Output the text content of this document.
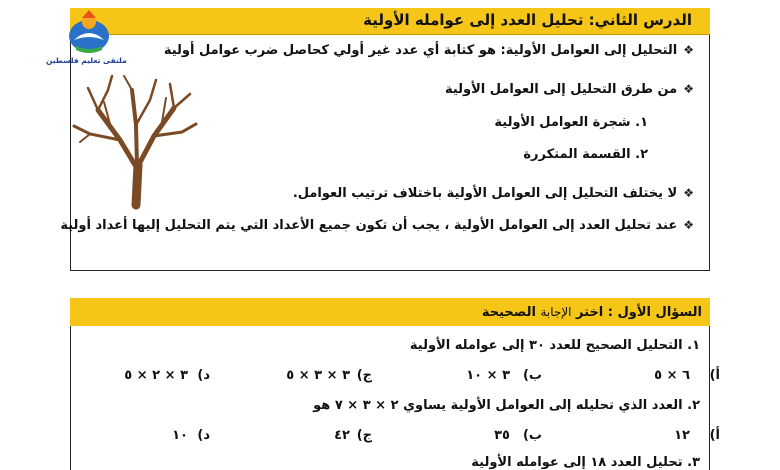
الدرس الثاني: تحليل العدد إلى عوامله الأولية
ملتقى تعليم فلسطين
❖التحليل إلى العوامل الأولية: هو كتابة أي عدد غير أولي كحاصل ضرب عوامل أولية
❖من طرق التحليل إلى العوامل الأولية
١. شجرة العوامل الأولية
٢. القسمة المتكررة
❖لا يختلف التحليل إلى العوامل الأولية باختلاف ترتيب العوامل.
❖عند تحليل العدد إلى العوامل الأولية ، يجب أن تكون جميع الأعداد التي يتم التحليل إليها أعداد أولية
السؤال الأول : اختر الإجابة الصحيحة
١. التحليل الصحيح للعدد ٣٠ إلى عوامله الأولية
أ)
٦ × ٥
ب)
٣ × ١٠
ج)
٣ × ٣ × ٥
د)
٣ × ٢ × ٥
٢. العدد الذي تحليله إلى العوامل الأولية يساوي ٢ × ٣ × ٧ هو
أ)
١٢
ب)
٣٥
ج)
٤٢
د)
١٠
٣. تحليل العدد ١٨ إلى عوامله الأولية
